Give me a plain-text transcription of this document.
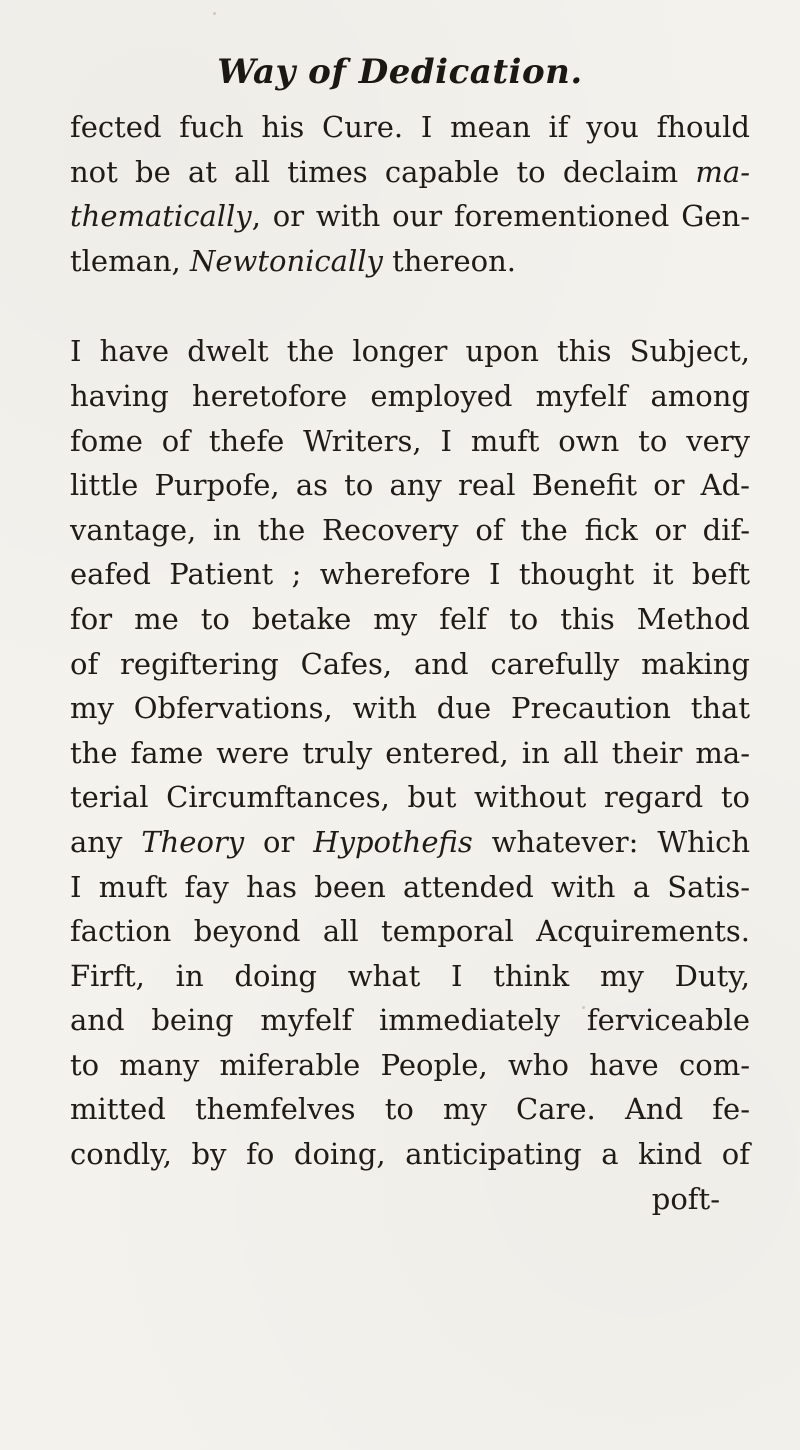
Way of Dedication.
fected fuch his Cure. I mean if you fhould
not be at all times capable to declaim ma-
thematically, or with our forementioned Gen-
tleman, Newtonically thereon.
I have dwelt the longer upon this Subject,
having heretofore employed myfelf among
fome of thefe Writers, I muft own to very
little Purpofe, as to any real Benefit or Ad-
vantage, in the Recovery of the fick or dif-
eafed Patient ; wherefore I thought it beft
for me to betake my felf to this Method
of regiftering Cafes, and carefully making
my Obfervations, with due Precaution that
the fame were truly entered, in all their ma-
terial Circumftances, but without regard to
any Theory or Hypothefis whatever: Which
I muft fay has been attended with a Satis-
faction beyond all temporal Acquirements.
Firft, in doing what I think my Duty,
and being myfelf immediately ferviceable
to many miferable People, who have com-
mitted themfelves to my Care. And fe-
condly, by fo doing, anticipating a kind of
poft-
